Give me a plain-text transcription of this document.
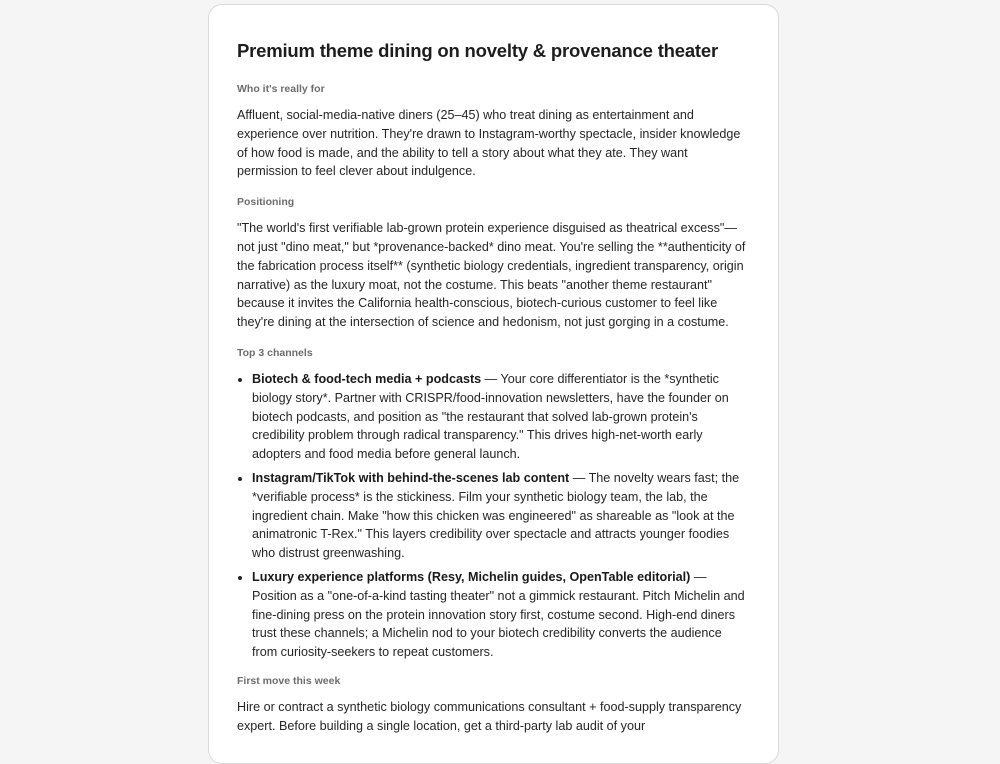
Premium theme dining on novelty & provenance theater
Who it's really for

Affluent, social-media-native diners (25–45) who treat dining as entertainment and experience over nutrition. They're drawn to Instagram-worthy spectacle, insider knowledge of how food is made, and the ability to tell a story about what they ate. They want permission to feel clever about indulgence.

Positioning

"The world's first verifiable lab-grown protein experience disguised as theatrical excess"— not just "dino meat," but *provenance-backed* dino meat. You're selling the **authenticity of the fabrication process itself** (synthetic biology credentials, ingredient transparency, origin narrative) as the luxury moat, not the costume. This beats "another theme restaurant" because it invites the California health-conscious, biotech-curious customer to feel like they're dining at the intersection of science and hedonism, not just gorging in a costume.

Top 3 channels
• Biotech & food-tech media + podcasts — Your core differentiator is the *synthetic biology story*. Partner with CRISPR/food-innovation newsletters, have the founder on biotech podcasts, and position as "the restaurant that solved lab-grown protein's credibility problem through radical transparency." This drives high-net-worth early adopters and food media before general launch.
• Instagram/TikTok with behind-the-scenes lab content — The novelty wears fast; the *verifiable process* is the stickiness. Film your synthetic biology team, the lab, the ingredient chain. Make "how this chicken was engineered" as shareable as "look at the animatronic T-Rex." This layers credibility over spectacle and attracts younger foodies who distrust greenwashing.
• Luxury experience platforms (Resy, Michelin guides, OpenTable editorial) — Position as a "one-of-a-kind tasting theater" not a gimmick restaurant. Pitch Michelin and fine-dining press on the protein innovation story first, costume second. High-end diners trust these channels; a Michelin nod to your biotech credibility converts the audience from curiosity-seekers to repeat customers.
First move this week

Hire or contract a synthetic biology communications consultant + food-supply transparency expert. Before building a single location, get a third-party lab audit of your
